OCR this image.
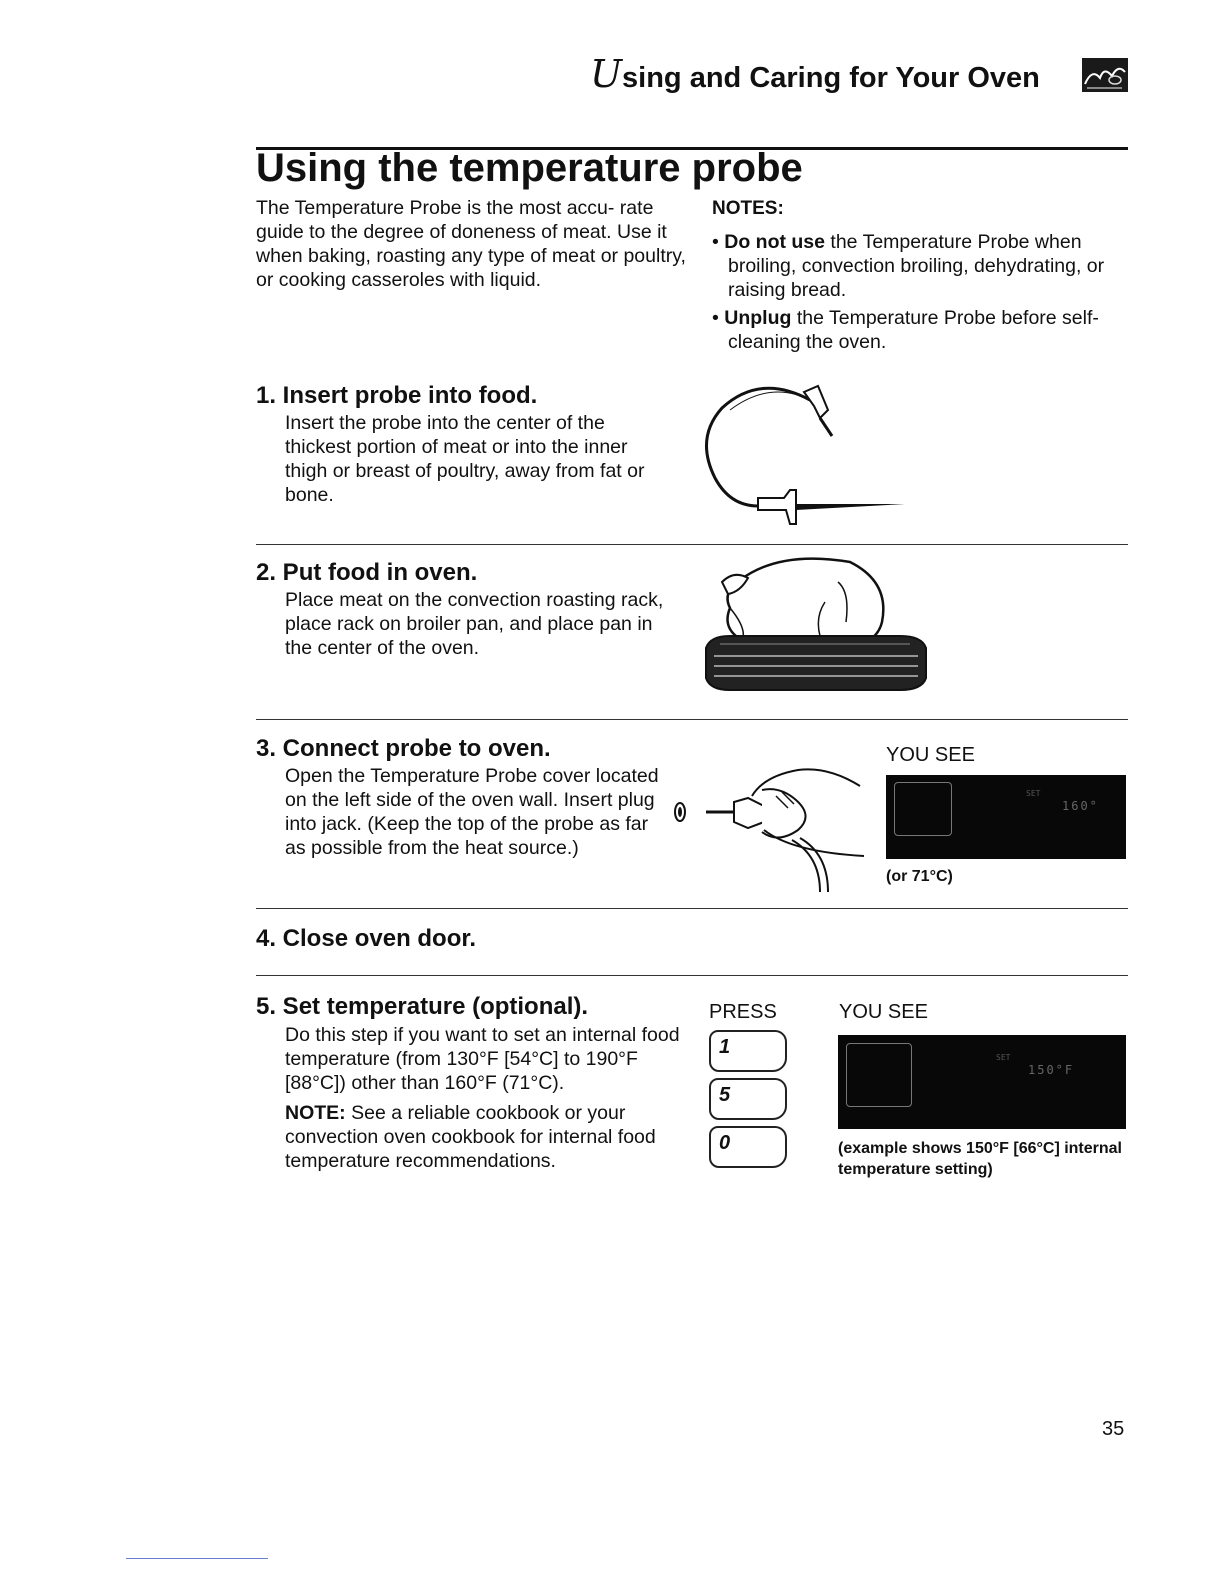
Using and Caring for Your Oven
Using the temperature probe
The Temperature Probe is the most accu- rate guide to the degree of doneness of meat. Use it when baking, roasting any type of meat or poultry, or cooking casseroles with liquid.
NOTES:
• Do not use the Temperature Probe when broiling, convection broiling, dehydrating, or raising bread.
• Unplug the Temperature Probe before self-cleaning the oven.
1. Insert probe into food.
Insert the probe into the center of the thickest portion of meat or into the inner thigh or breast of poultry, away from fat or bone.
2. Put food in oven.
Place meat on the convection roasting rack, place rack on broiler pan, and place pan in the center of the oven.
3. Connect probe to oven.
Open the Temperature Probe cover located on the left side of the oven wall. Insert plug into jack. (Keep the top of the probe as far as possible from the heat source.)
YOU SEE
SET
160°
(or 71°C)
4. Close oven door.
5. Set temperature (optional).
Do this step if you want to set an internal food temperature (from 130°F [54°C] to 190°F [88°C]) other than 160°F (71°C).
NOTE: See a reliable cookbook or your convection oven cookbook for internal food temperature recommendations.
PRESS
1
5
0
YOU SEE
SET
150°F
(example shows 150°F [66°C] internal temperature setting)
35
